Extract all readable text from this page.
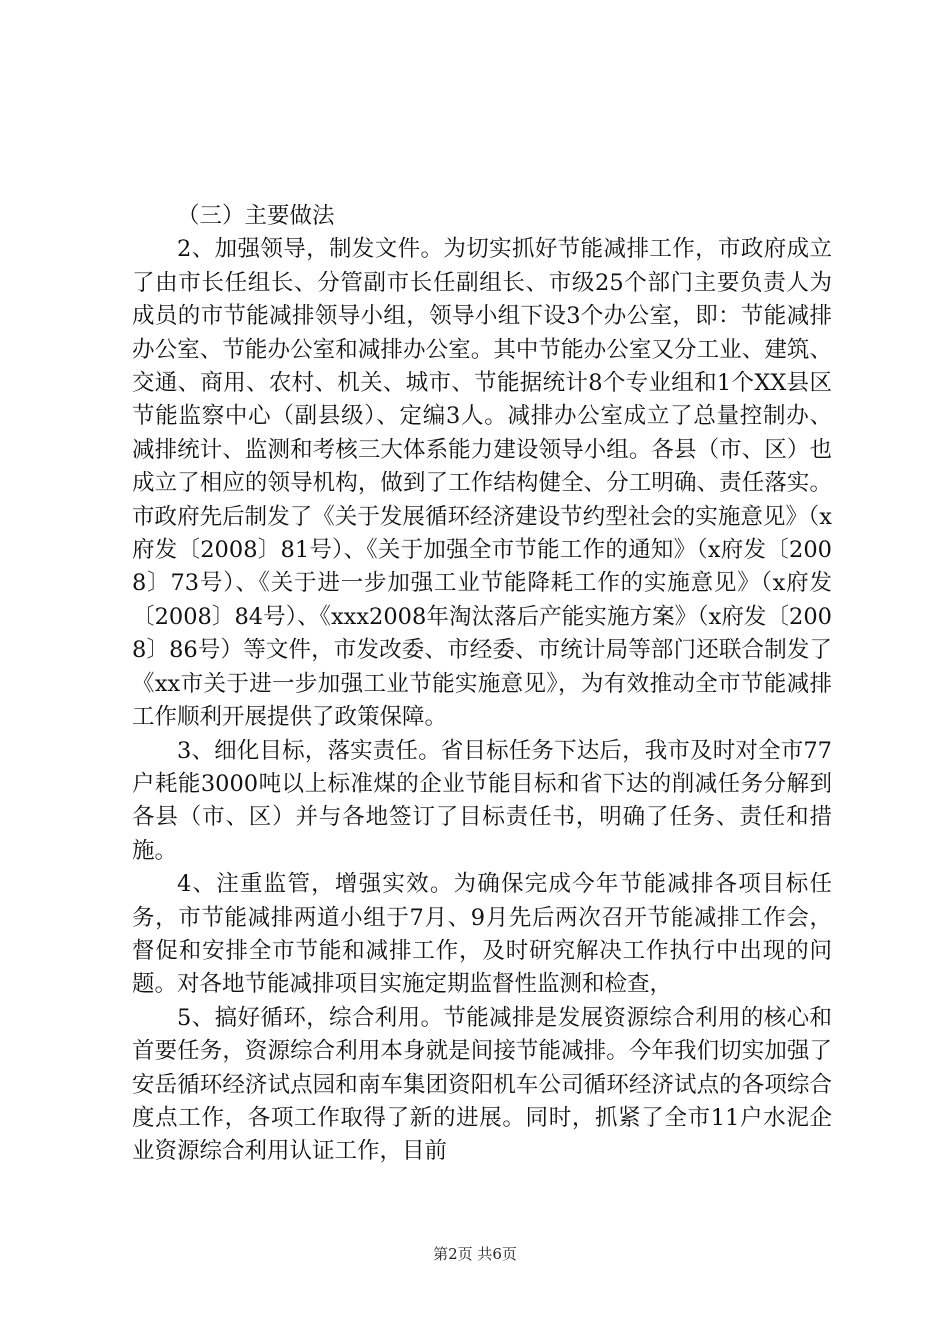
（三）主要做法

2、加强领导，制发文件。为切实抓好节能减排工作，市政府成立了由市长任组长、分管副市长任副组长、市级25个部门主要负责人为成员的市节能减排领导小组，领导小组下设3个办公室，即：节能减排办公室、节能办公室和减排办公室。其中节能办公室又分工业、建筑、交通、商用、农村、机关、城市、节能据统计8个专业组和1个XX县区节能监察中心（副县级）、定编3人。减排办公室成立了总量控制办、减排统计、监测和考核三大体系能力建设领导小组。各县（市、区）也成立了相应的领导机构，做到了工作结构健全、分工明确、责任落实。市政府先后制发了《关于发展循环经济建设节约型社会的实施意见》（x府发〔2008〕81号）、《关于加强全市节能工作的通知》（x府发〔2008〕73号）、《关于进一步加强工业节能降耗工作的实施意见》（x府发〔2008〕84号）、《xxx2008年淘汰落后产能实施方案》（x府发〔2008〕86号）等文件，市发改委、市经委、市统计局等部门还联合制发了《xx市关于进一步加强工业节能实施意见》，为有效推动全市节能减排工作顺利开展提供了政策保障。

3、细化目标，落实责任。省目标任务下达后，我市及时对全市77户耗能3000吨以上标准煤的企业节能目标和省下达的削减任务分解到各县（市、区）并与各地签订了目标责任书，明确了任务、责任和措施。

4、注重监管，增强实效。为确保完成今年节能减排各项目标任务，市节能减排两道小组于7月、9月先后两次召开节能减排工作会，督促和安排全市节能和减排工作，及时研究解决工作执行中出现的问题。对各地节能减排项目实施定期监督性监测和检查，

5、搞好循环，综合利用。节能减排是发展资源综合利用的核心和首要任务，资源综合利用本身就是间接节能减排。今年我们切实加强了安岳循环经济试点园和南车集团资阳机车公司循环经济试点的各项综合度点工作，各项工作取得了新的进展。同时，抓紧了全市11户水泥企业资源综合利用认证工作，目前

第2页 共6页
